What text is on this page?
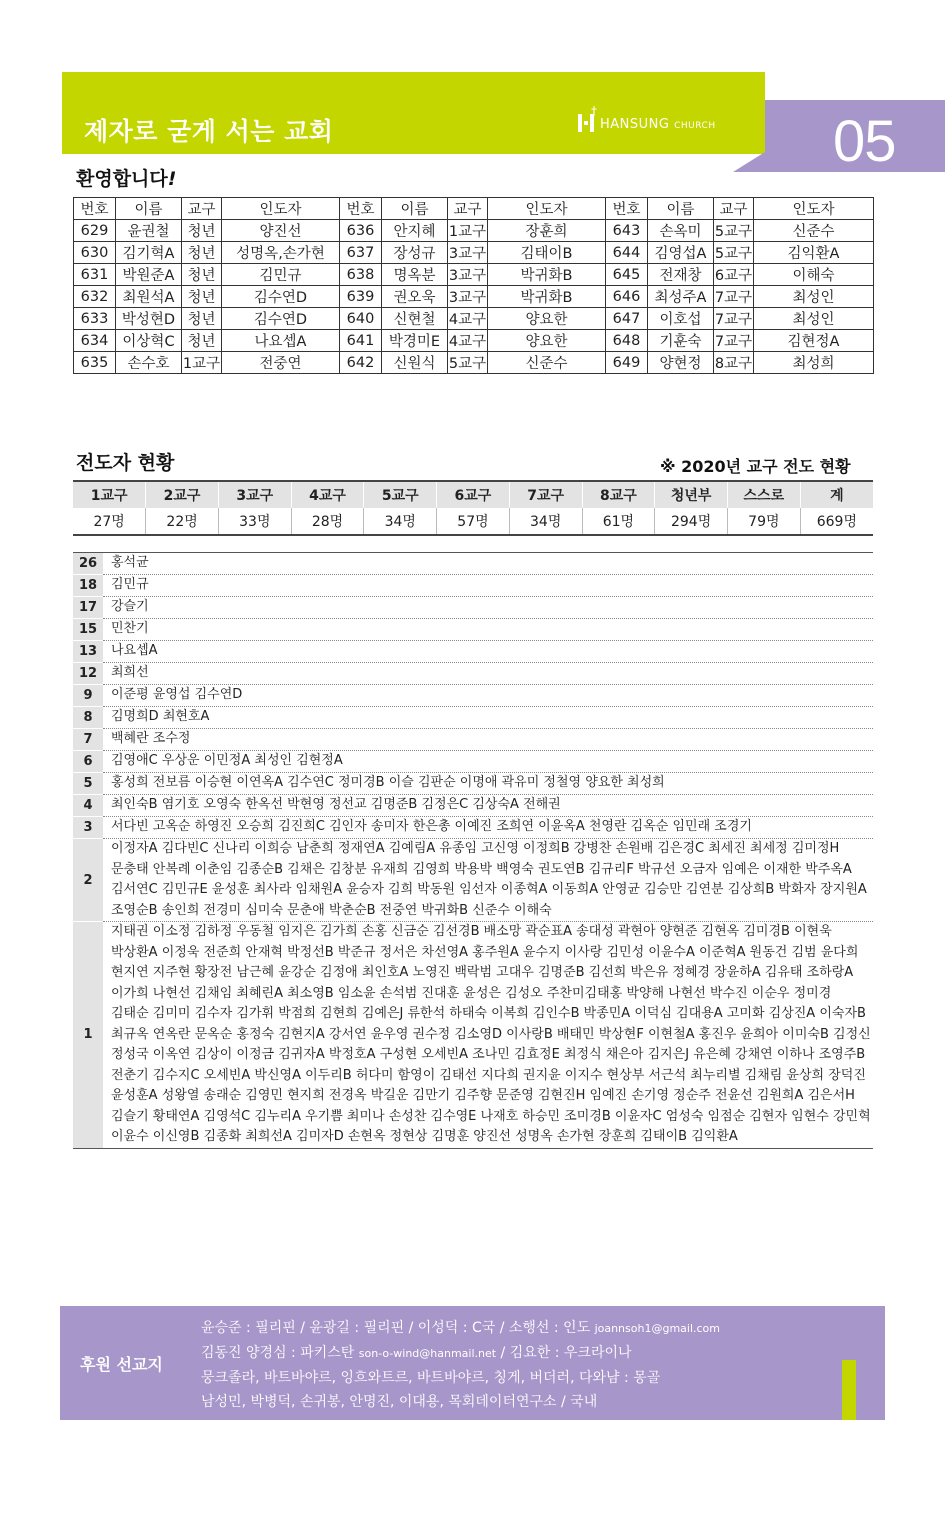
제자로 굳게 서는 교회
†
HANSUNG CHURCH 05
환영합니다!
번호	이름	교구	인도자	번호	이름	교구	인도자	번호	이름	교구	인도자
629	윤권철	청년	양진선	636	안지혜	1교구	장훈희	643	손옥미	5교구	신준수
630	김기혁A	청년	성명옥,손가현	637	장성규	3교구	김태이B	644	김영섭A	5교구	김익환A
631	박원준A	청년	김민규	638	명옥분	3교구	박귀화B	645	전재창	6교구	이해숙
632	최원석A	청년	김수연D	639	권오욱	3교구	박귀화B	646	최성주A	7교구	최성인
633	박성현D	청년	김수연D	640	신현철	4교구	양요한	647	이호섭	7교구	최성인
634	이상혁C	청년	나요셉A	641	박경미E	4교구	양요한	648	기훈숙	7교구	김현정A
635	손수호	1교구	전중연	642	신원식	5교구	신준수	649	양현정	8교구	최성희
전도자 현황	※ 2020년 교구 전도 현황
1교구	2교구	3교구	4교구	5교구	6교구	7교구	8교구	청년부	스스로	계
27명	22명	33명	28명	34명	57명	34명	61명	294명	79명	669명
26	홍석균
18	김민규
17	강슬기
15	민찬기
13	나요셉A
12	최희선
9	이준평 윤영섭 김수연D
8	김명희D 최현호A
7	백혜란 조수정
6	김영애C 우상운 이민정A 최성인 김현정A
5	홍성희 전보름 이승현 이연옥A 김수연C 정미경B 이슬 김판순 이명애 곽유미 정철영 양요한 최성희
4	최인숙B 염기호 오영숙 한옥선 박현영 정선교 김명준B 김정은C 김상숙A 전해권
3	서다빈 고옥순 하영진 오승희 김진희C 김인자 송미자 한은총 이예진 조희연 이윤옥A 천영란 김옥순 임민래 조경기
2	이정자A 김다빈C 신나리 이희승 남춘희 정재연A 김예림A 유종임 고신영 이정희B 강병찬 손원배 김은경C 최세진 최세정 김미정H 문충태 안복례 이춘임 김종순B 김채은 김창분 유재희 김영희 박용박 백영숙 권도연B 김규리F 박규선 오금자 임예은 이재한 박주옥A 김서연C 김민규E 윤성훈 최사라 임채원A 윤승자 김희 박동원 임선자 이종혁A 이동희A 안영균 김승만 김연분 김상희B 박화자 장지원A 조영순B 송인희 전경미 심미숙 문춘애 박춘순B 전중연 박귀화B 신준수 이해숙
1	지태권 이소정 김하정 우동철 임지은 김가희 손홍 신금순 김선경B 배소망 곽순표A 송대성 곽현아 양현준 김현옥 김미경B 이현욱 박상환A 이정욱 전준희 안재혁 박정선B 박준규 정서은 차선영A 홍주원A 윤수지 이사랑 김민성 이윤수A 이준혁A 원동건 김범 윤다희 현지연 지주현 황장전 남근혜 윤강순 김정애 최인호A 노영진 백락범 고대우 김명준B 김선희 박은유 정혜경 장윤하A 김유태 조하랑A 이가희 나현선 김채임 최혜린A 최소영B 임소윤 손석범 진대훈 윤성은 김성오 주찬미김태홍 박양해 나현선 박수진 이순우 정미경 김태순 김미미 김수자 김가휘 박점희 김현희 김예은J 류한석 하태숙 이복희 김인수B 박종민A 이덕심 김대용A 고미화 김상진A 이숙자B 최규옥 연옥란 문옥순 홍정숙 김현지A 강서연 윤우영 권수정 김소영D 이사랑B 배태민 박상현F 이현철A 홍진우 윤희아 이미숙B 김정신 정성국 이옥연 김상이 이정금 김귀자A 박정호A 구성현 오세빈A 조나민 김효정E 최정식 채은아 김지은J 유은혜 강채연 이하나 조영주B 전춘기 김수지C 오세빈A 박신영A 이두리B 허다미 함영이 김태선 지다희 권지윤 이지수 현상부 서근석 최누리별 김채림 윤상희 장덕진 윤성훈A 성왕열 송래순 김영민 현지희 전경옥 박길운 김만기 김주향 문준영 김현진H 임예진 손기영 정순주 전윤선 김원희A 김은서H 김슬기 황태연A 김영석C 김누리A 우기쁨 최미나 손성찬 김수영E 나재호 하승민 조미경B 이윤자C 엄성숙 임점순 김현자 임현수 강민혁 이윤수 이신영B 김종화 최희선A 김미자D 손현옥 정현상 김명훈 양진선 성명옥 손가현 장훈희 김태이B 김익환A
후원 선교지
윤승준 : 필리핀 / 윤광길 : 필리핀 / 이성덕 : C국 / 소행선 : 인도 joannsoh1@gmail.com
김동진 양경심 : 파키스탄 son-o-wind@hanmail.net / 김요한 : 우크라이나
뭉크졸라, 바트바야르, 잉흐와트르, 바트바야르, 칭게, 버더러, 다와냠 : 몽골
남성민, 박병덕, 손귀봉, 안명진, 이대용, 목회데이터연구소 / 국내
